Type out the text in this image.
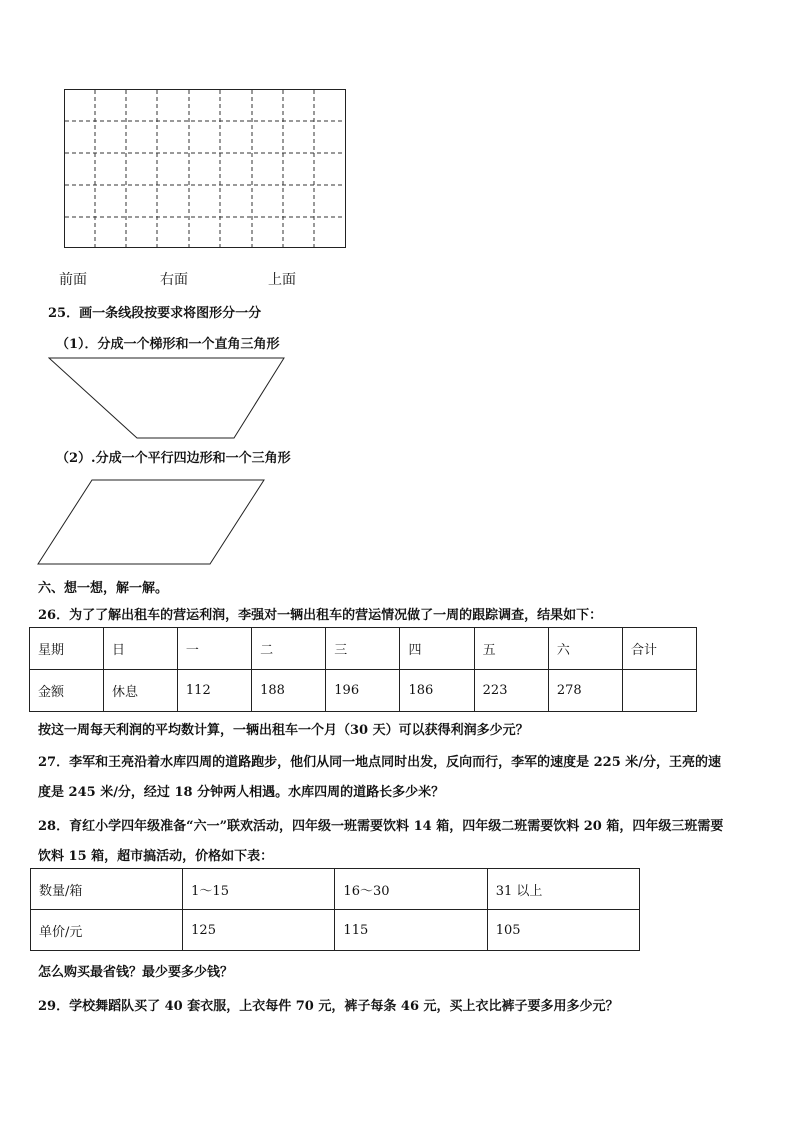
前面	右面	上面
25．画一条线段按要求将图形分一分
（1）．分成一个梯形和一个直角三角形
（2）.分成一个平行四边形和一个三角形
六、想一想，解一解。
26．为了了解出租车的营运利润，李强对一辆出租车的营运情况做了一周的跟踪调查，结果如下：
星期	日	一	二	三	四	五	六	合计
金额	休息	112	188	196	186	223	278	
按这一周每天利润的平均数计算，一辆出租车一个月（30 天）可以获得利润多少元？
27．李军和王亮沿着水库四周的道路跑步，他们从同一地点同时出发，反向而行，李军的速度是 225 米/分，王亮的速
度是 245 米/分，经过 18 分钟两人相遇。水库四周的道路长多少米？
28．育红小学四年级准备“六一”联欢活动，四年级一班需要饮料 14 箱，四年级二班需要饮料 20 箱，四年级三班需要
饮料 15 箱，超市搞活动，价格如下表：
数量/箱	1～15	16～30	31 以上
单价/元	125	115	105
怎么购买最省钱？最少要多少钱？
29．学校舞蹈队买了 40 套衣服，上衣每件 70 元，裤子每条 46 元，买上衣比裤子要多用多少元？
